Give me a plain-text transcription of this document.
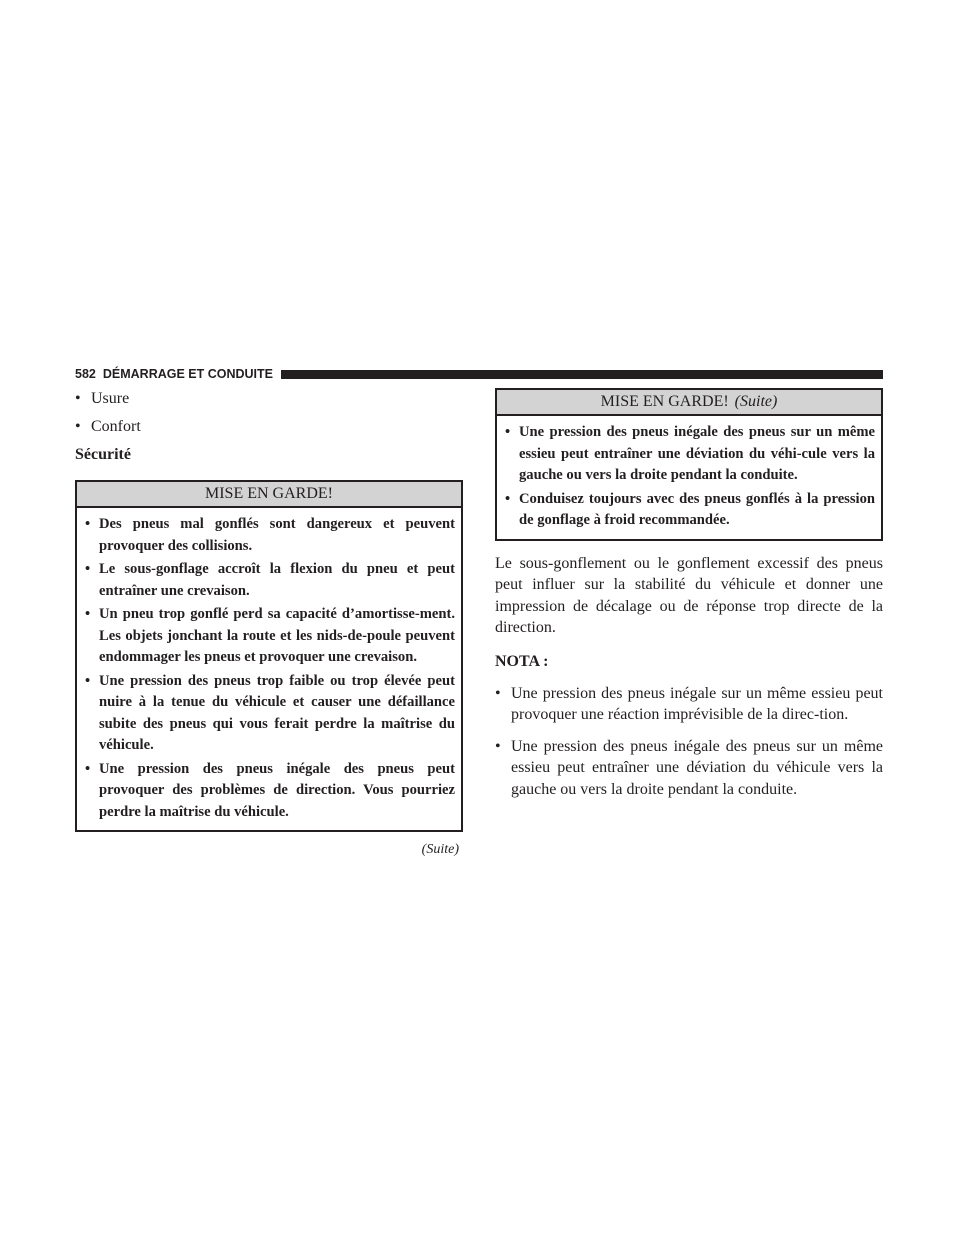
582 DÉMARRAGE ET CONDUITE
• Usure
• Confort

Sécurité

MISE EN GARDE!
• Des pneus mal gonflés sont dangereux et peuvent provoquer des collisions.
• Le sous-gonflage accroît la flexion du pneu et peut entraîner une crevaison.
• Un pneu trop gonflé perd sa capacité d’amortisse-ment. Les objets jonchant la route et les nids-de-poule peuvent endommager les pneus et provoquer une crevaison.
• Une pression des pneus trop faible ou trop élevée peut nuire à la tenue du véhicule et causer une défaillance subite des pneus qui vous ferait perdre la maîtrise du véhicule.
• Une pression des pneus inégale des pneus peut provoquer des problèmes de direction. Vous pourriez perdre la maîtrise du véhicule.
(Suite)
MISE EN GARDE! (Suite)
• Une pression des pneus inégale des pneus sur un même essieu peut entraîner une déviation du véhi-cule vers la gauche ou vers la droite pendant la conduite.
• Conduisez toujours avec des pneus gonflés à la pression de gonflage à froid recommandée.

Le sous-gonflement ou le gonflement excessif des pneus peut influer sur la stabilité du véhicule et donner une impression de décalage ou de réponse trop directe de la direction.

NOTA :

• Une pression des pneus inégale sur un même essieu peut provoquer une réaction imprévisible de la direc-tion.
• Une pression des pneus inégale des pneus sur un même essieu peut entraîner une déviation du véhicule vers la gauche ou vers la droite pendant la conduite.
